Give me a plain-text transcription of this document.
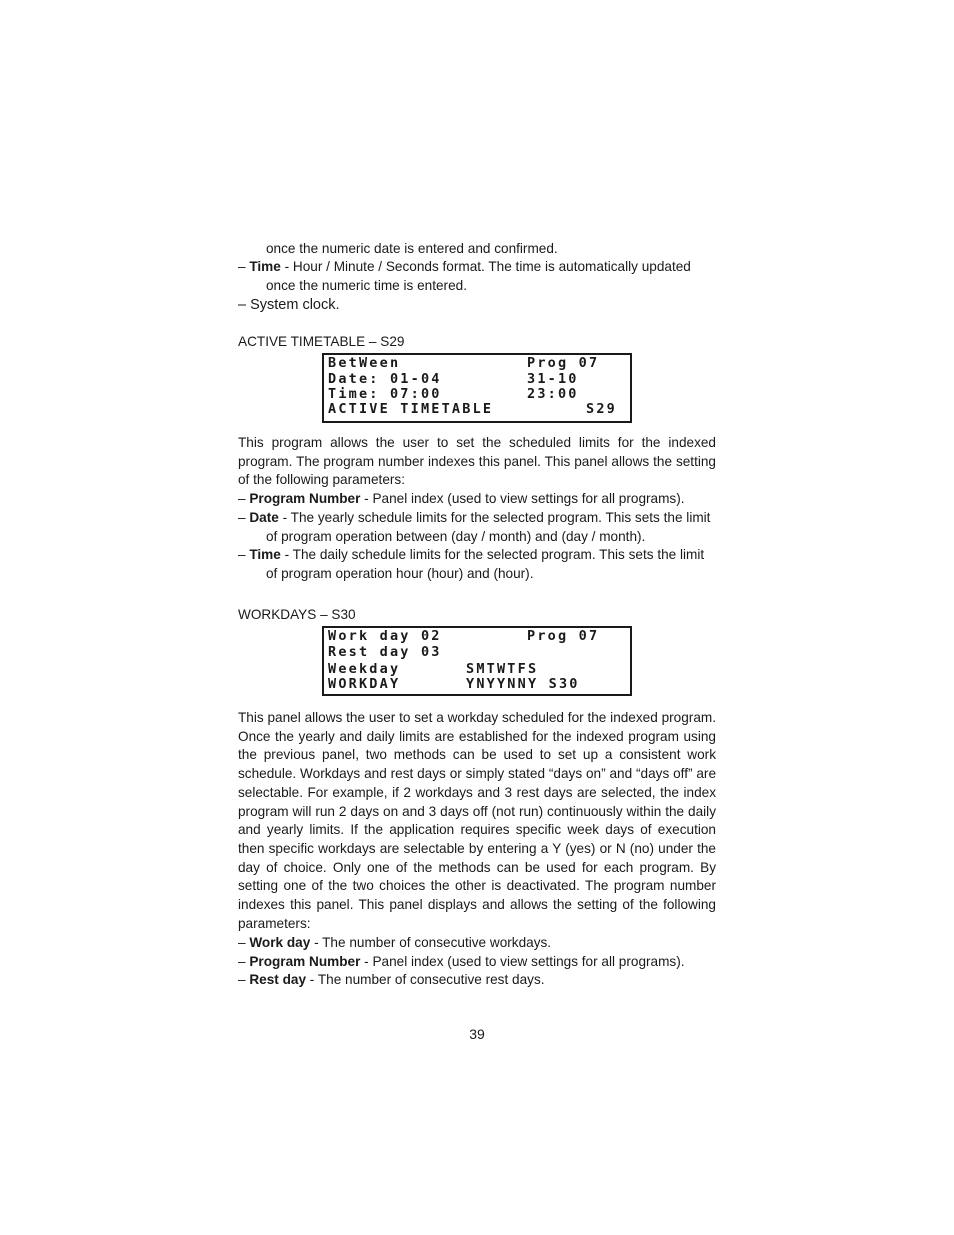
once the numeric date is entered and confirmed.
– Time - Hour / Minute / Seconds format. The time is automatically updated
once the numeric time is entered.
– System clock.
ACTIVE TIMETABLE – S29
BetWeen	Prog 07
Date: 01-04	31-10
Time: 07:00	23:00
ACTIVE TIMETABLE	S29

This program allows the user to set the scheduled limits for the indexed program. The program number indexes this panel. This panel allows the setting of the following parameters:

– Program Number - Panel index (used to view settings for all programs).
– Date - The yearly schedule limits for the selected program. This sets the limit
of program operation between (day / month) and (day / month).
– Time - The daily schedule limits for the selected program. This sets the limit
of program operation hour (hour) and (hour).
WORKDAYS – S30
Work day 02	Prog 07
Rest day 03
Weekday	SMTWTFS
WORKDAY	YNYYNNY S30

This panel allows the user to set a workday scheduled for the indexed program. Once the yearly and daily limits are established for the indexed program using the previous panel, two methods can be used to set up a consistent work schedule. Workdays and rest days or simply stated “days on” and “days off” are selectable. For example, if 2 workdays and 3 rest days are selected, the index program will run 2 days on and 3 days off (not run) continuously within the daily and yearly limits. If the application requires specific week days of execution then specific workdays are selectable by entering a Y (yes) or N (no) under the day of choice. Only one of the methods can be used for each program. By setting one of the two choices the other is deactivated. The program number indexes this panel. This panel displays and allows the setting of the following parameters:

– Work day - The number of consecutive workdays.
– Program Number - Panel index (used to view settings for all programs).
– Rest day - The number of consecutive rest days.
39
